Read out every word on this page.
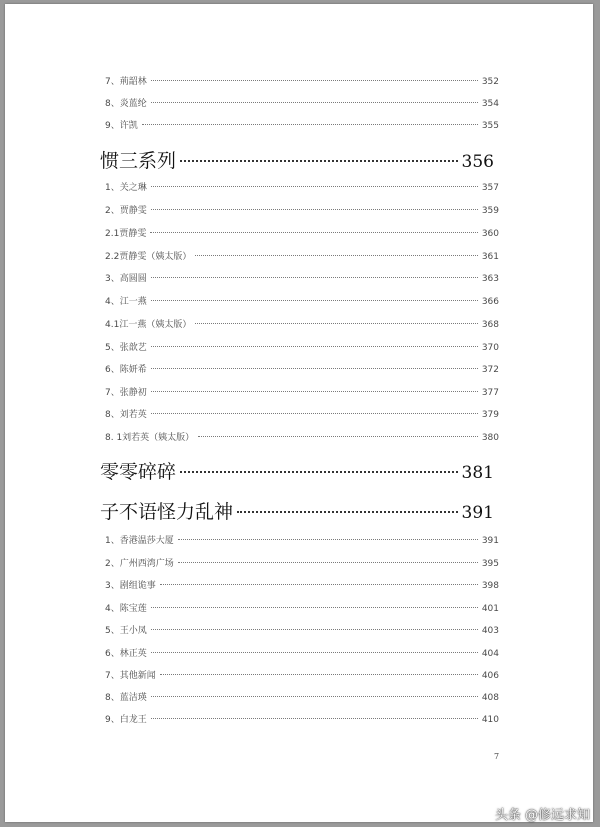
7、荊韶林	352
8、炎蓝纶	354
9、许凯	355
惯三系列	356
1、关之琳	357
2、贾静雯	359
2.1贾静雯	360
2.2贾静雯（姨太版）	361
3、高圆圆	363
4、江一燕	366
4.1江一燕（姨太版）	368
5、张歆艺	370
6、陈妍希	372
7、张静初	377
8、刘若英	379
8. 1刘若英（姨太版）	380
零零碎碎	381
子不语怪力乱神	391
1、香港温莎大厦	391
2、广州西湾广场	395
3、剧组诡事	398
4、陈宝莲	401
5、王小凤	403
6、林正英	404
7、其他新闻	406
8、蓝洁瑛	408
9、白龙王	410
7
头条 @修远求知
